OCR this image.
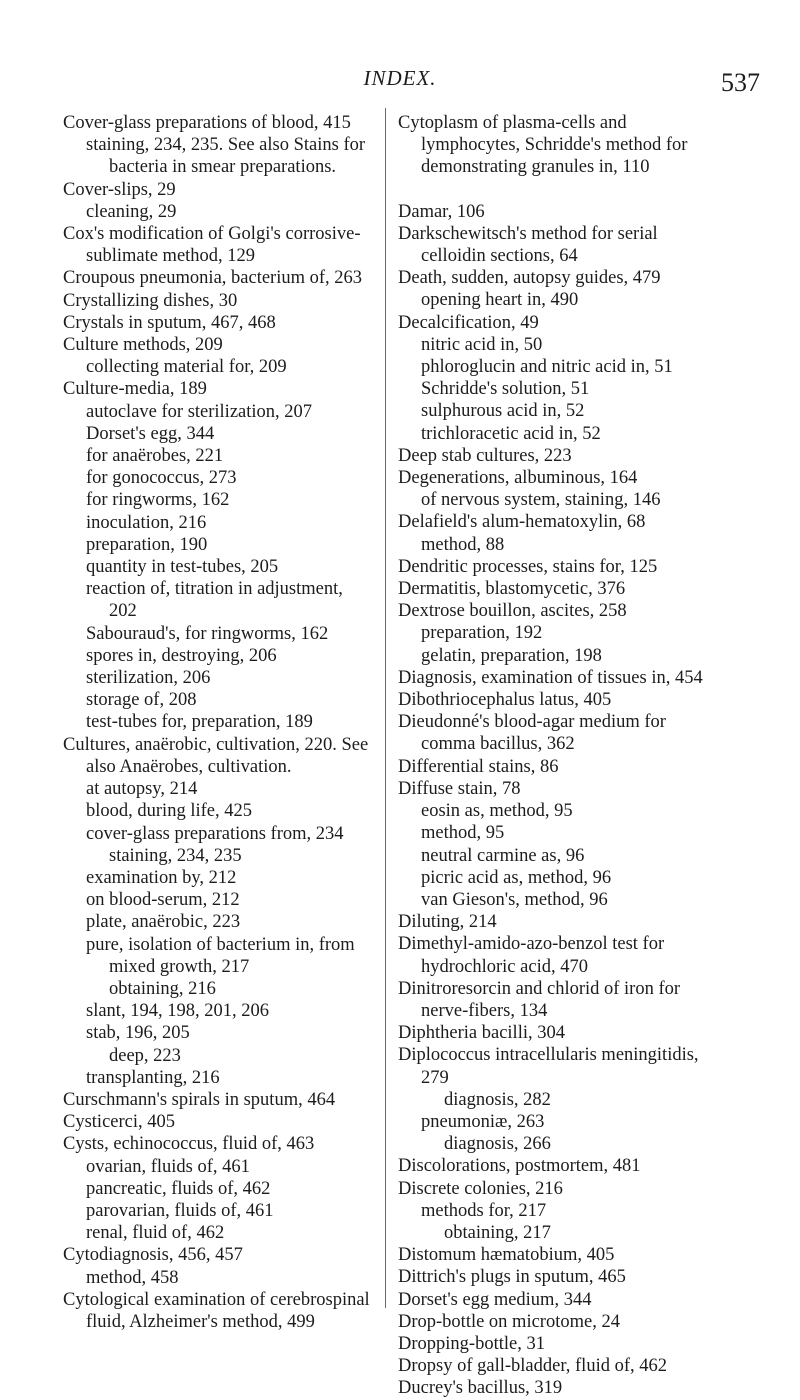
INDEX.	537
Cover-glass preparations of blood, 415
staining, 234, 235. See also Stains for bacteria in smear preparations.
Cover-slips, 29
cleaning, 29
Cox's modification of Golgi's corrosive-sublimate method, 129
Croupous pneumonia, bacterium of, 263
Crystallizing dishes, 30
Crystals in sputum, 467, 468
Culture methods, 209
collecting material for, 209
Culture-media, 189
autoclave for sterilization, 207
Dorset's egg, 344
for anaërobes, 221
for gonococcus, 273
for ringworms, 162
inoculation, 216
preparation, 190
quantity in test-tubes, 205
reaction of, titration in adjustment, 202
Sabouraud's, for ringworms, 162
spores in, destroying, 206
sterilization, 206
storage of, 208
test-tubes for, preparation, 189
Cultures, anaërobic, cultivation, 220. See also Anaërobes, cultivation.
at autopsy, 214
blood, during life, 425
cover-glass preparations from, 234
staining, 234, 235
examination by, 212
on blood-serum, 212
plate, anaërobic, 223
pure, isolation of bacterium in, from mixed growth, 217
obtaining, 216
slant, 194, 198, 201, 206
stab, 196, 205
deep, 223
transplanting, 216
Curschmann's spirals in sputum, 464
Cysticerci, 405
Cysts, echinococcus, fluid of, 463
ovarian, fluids of, 461
pancreatic, fluids of, 462
parovarian, fluids of, 461
renal, fluid of, 462
Cytodiagnosis, 456, 457
method, 458
Cytological examination of cerebrospinal fluid, Alzheimer's method, 499
Cytoplasm of plasma-cells and lymphocytes, Schridde's method for demonstrating granules in, 110
Damar, 106
Darkschewitsch's method for serial celloidin sections, 64
Death, sudden, autopsy guides, 479
opening heart in, 490
Decalcification, 49
nitric acid in, 50
phloroglucin and nitric acid in, 51
Schridde's solution, 51
sulphurous acid in, 52
trichloracetic acid in, 52
Deep stab cultures, 223
Degenerations, albuminous, 164
of nervous system, staining, 146
Delafield's alum-hematoxylin, 68
method, 88
Dendritic processes, stains for, 125
Dermatitis, blastomycetic, 376
Dextrose bouillon, ascites, 258
preparation, 192
gelatin, preparation, 198
Diagnosis, examination of tissues in, 454
Dibothriocephalus latus, 405
Dieudonné's blood-agar medium for comma bacillus, 362
Differential stains, 86
Diffuse stain, 78
eosin as, method, 95
method, 95
neutral carmine as, 96
picric acid as, method, 96
van Gieson's, method, 96
Diluting, 214
Dimethyl-amido-azo-benzol test for hydrochloric acid, 470
Dinitroresorcin and chlorid of iron for nerve-fibers, 134
Diphtheria bacilli, 304
Diplococcus intracellularis meningitidis, 279
diagnosis, 282
pneumoniæ, 263
diagnosis, 266
Discolorations, postmortem, 481
Discrete colonies, 216
methods for, 217
obtaining, 217
Distomum hæmatobium, 405
Dittrich's plugs in sputum, 465
Dorset's egg medium, 344
Drop-bottle on microtome, 24
Dropping-bottle, 31
Dropsy of gall-bladder, fluid of, 462
Ducrey's bacillus, 319
